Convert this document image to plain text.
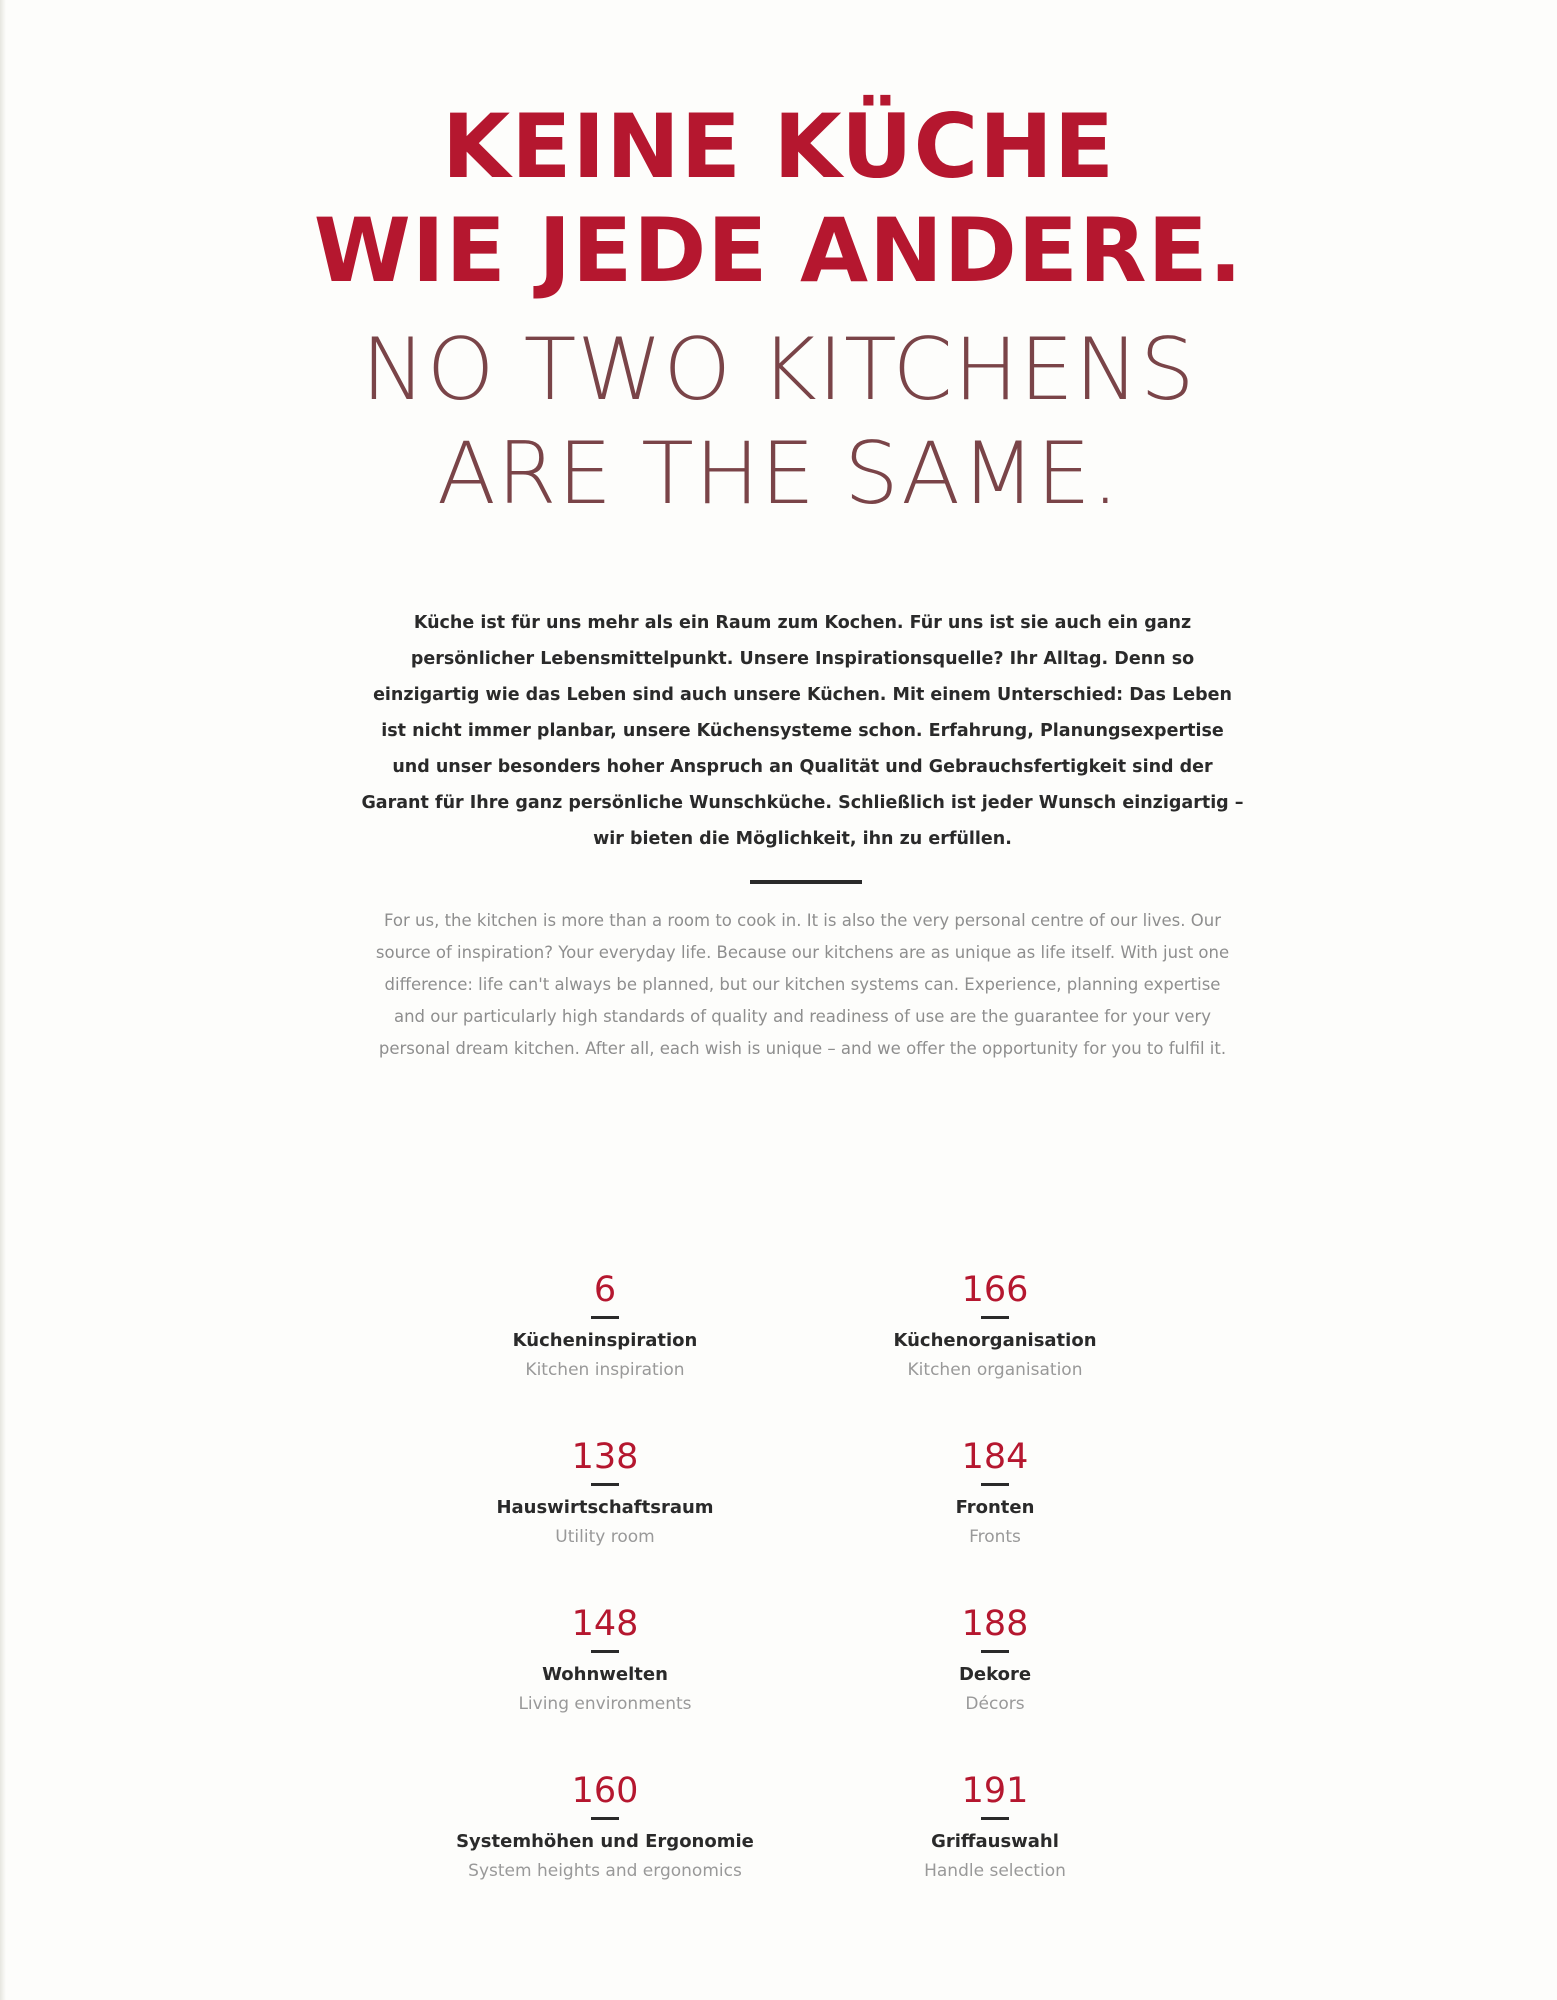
KEINE KÜCHE
WIE JEDE ANDERE.
NO TWO KITCHENS
ARE THE SAME.

Küche ist für uns mehr als ein Raum zum Kochen. Für uns ist sie auch ein ganz persönlicher Lebensmittelpunkt. Unsere Inspirationsquelle? Ihr Alltag. Denn so einzigartig wie das Leben sind auch unsere Küchen. Mit einem Unterschied: Das Leben ist nicht immer planbar, unsere Küchensysteme schon. Erfahrung, Planungsexpertise und unser besonders hoher Anspruch an Qualität und Gebrauchsfertigkeit sind der Garant für Ihre ganz persönliche Wunschküche. Schließlich ist jeder Wunsch einzigartig – wir bieten die Möglichkeit, ihn zu erfüllen.

For us, the kitchen is more than a room to cook in. It is also the very personal centre of our lives. Our source of inspiration? Your everyday life. Because our kitchens are as unique as life itself. With just one difference: life can't always be planned, but our kitchen systems can. Experience, planning expertise and our particularly high standards of quality and readiness of use are the guarantee for your very personal dream kitchen. After all, each wish is unique – and we offer the opportunity for you to fulfil it.

6
Kücheninspiration
Kitchen inspiration
166
Küchenorganisation
Kitchen organisation
138
Hauswirtschaftsraum
Utility room
184
Fronten
Fronts
148
Wohnwelten
Living environments
188
Dekore
Décors
160
Systemhöhen und Ergonomie
System heights and ergonomics
191
Griffauswahl
Handle selection
